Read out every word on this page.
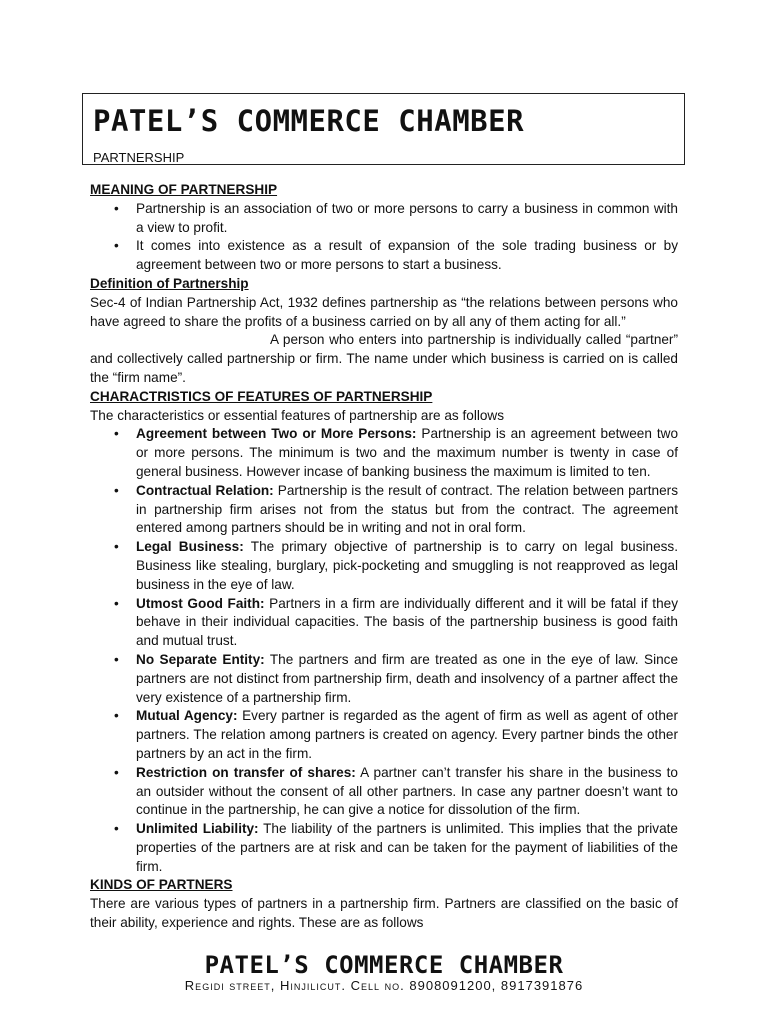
PATEL’S COMMERCE CHAMBER
PARTNERSHIP

MEANING OF PARTNERSHIP

• Partnership is an association of two or more persons to carry a business in common with a view to profit.
• It comes into existence as a result of expansion of the sole trading business or by agreement between two or more persons to start a business.

Definition of Partnership

Sec-4 of Indian Partnership Act, 1932 defines partnership as “the relations between persons who have agreed to share the profits of a business carried on by all any of them acting for all.”

A person who enters into partnership is individually called “partner” and collectively called partnership or firm. The name under which business is carried on is called the “firm name”.

CHARACTRISTICS OF FEATURES OF PARTNERSHIP

The characteristics or essential features of partnership are as follows

• Agreement between Two or More Persons: Partnership is an agreement between two or more persons. The minimum is two and the maximum number is twenty in case of general business. However incase of banking business the maximum is limited to ten.
• Contractual Relation: Partnership is the result of contract. The relation between partners in partnership firm arises not from the status but from the contract. The agreement entered among partners should be in writing and not in oral form.
• Legal Business: The primary objective of partnership is to carry on legal business. Business like stealing, burglary, pick-pocketing and smuggling is not reapproved as legal business in the eye of law.
• Utmost Good Faith: Partners in a firm are individually different and it will be fatal if they behave in their individual capacities. The basis of the partnership business is good faith and mutual trust.
• No Separate Entity: The partners and firm are treated as one in the eye of law. Since partners are not distinct from partnership firm, death and insolvency of a partner affect the very existence of a partnership firm.
• Mutual Agency: Every partner is regarded as the agent of firm as well as agent of other partners. The relation among partners is created on agency. Every partner binds the other partners by an act in the firm.
• Restriction on transfer of shares: A partner can’t transfer his share in the business to an outsider without the consent of all other partners. In case any partner doesn’t want to continue in the partnership, he can give a notice for dissolution of the firm.
• Unlimited Liability: The liability of the partners is unlimited. This implies that the private properties of the partners are at risk and can be taken for the payment of liabilities of the firm.

KINDS OF PARTNERS

There are various types of partners in a partnership firm. Partners are classified on the basic of their ability, experience and rights. These are as follows

PATEL’S COMMERCE CHAMBER
Regidi street, Hinjilicut. Cell no. 8908091200, 8917391876
